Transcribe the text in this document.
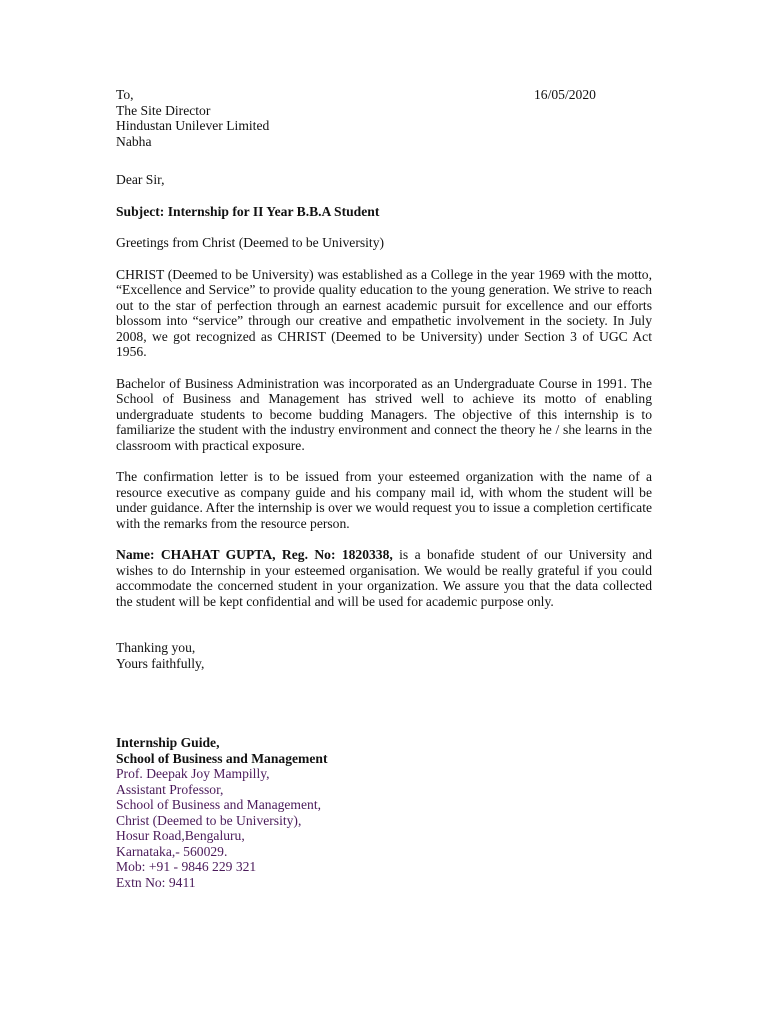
To,	16/05/2020
The Site Director
Hindustan Unilever Limited
Nabha
Dear Sir,
Subject: Internship for II Year B.B.A Student
Greetings from Christ (Deemed to be University)

CHRIST (Deemed to be University) was established as a College in the year 1969 with the motto, “Excellence and Service” to provide quality education to the young generation. We strive to reach out to the star of perfection through an earnest academic pursuit for excellence and our efforts blossom into “service” through our creative and empathetic involvement in the society. In July 2008, we got recognized as CHRIST (Deemed to be University) under Section 3 of UGC Act 1956.

Bachelor of Business Administration was incorporated as an Undergraduate Course in 1991. The School of Business and Management has strived well to achieve its motto of enabling undergraduate students to become budding Managers. The objective of this internship is to familiarize the student with the industry environment and connect the theory he / she learns in the classroom with practical exposure.

The confirmation letter is to be issued from your esteemed organization with the name of a resource executive as company guide and his company mail id, with whom the student will be under guidance. After the internship is over we would request you to issue a completion certificate with the remarks from the resource person.

Name: CHAHAT GUPTA, Reg. No: 1820338, is a bonafide student of our University and wishes to do Internship in your esteemed organisation. We would be really grateful if you could accommodate the concerned student in your organization. We assure you that the data collected the student will be kept confidential and will be used for academic purpose only.

Thanking you,
Yours faithfully,
Internship Guide,
School of Business and Management
Prof. Deepak Joy Mampilly,
Assistant Professor,
School of Business and Management,
Christ (Deemed to be University),
Hosur Road,Bengaluru,
Karnataka,- 560029.
Mob: +91 - 9846 229 321
Extn No: 9411
